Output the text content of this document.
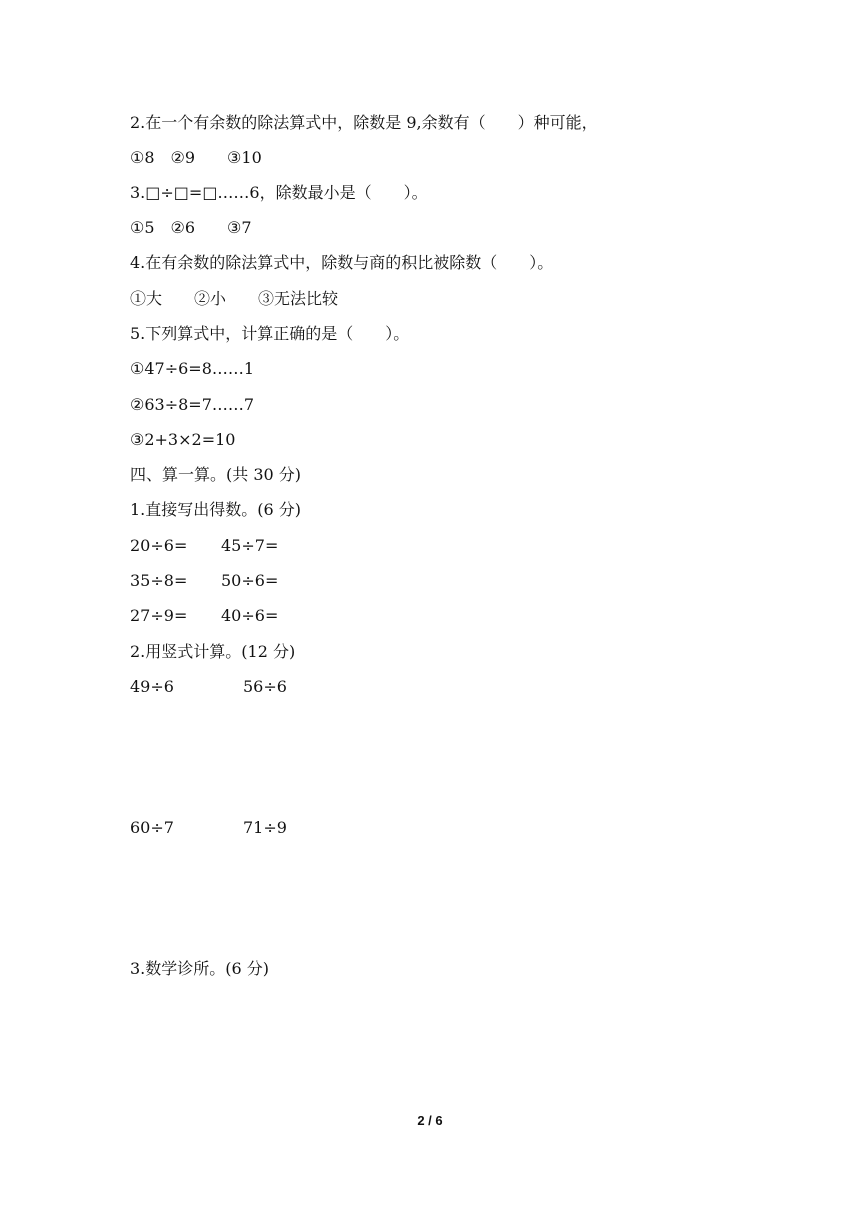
2.在一个有余数的除法算式中，除数是 9,余数有（　　）种可能，
①8　②9　　③10
3.□÷□=□……6，除数最小是（　　）。
①5　②6　　③7
4.在有余数的除法算式中，除数与商的积比被除数（　　）。
①大　　②小　　③无法比较
5.下列算式中，计算正确的是（　　）。
①47÷6=8……1
②63÷8=7……7
③2+3×2=10
四、算一算。(共 30 分)
1.直接写出得数。(6 分)
20÷6= 45÷7=
35÷8= 50÷6=
27÷9= 40÷6=
2.用竖式计算。(12 分)
49÷6	56÷6
60÷7	71÷9
3.数学诊所。(6 分)
2 / 6
